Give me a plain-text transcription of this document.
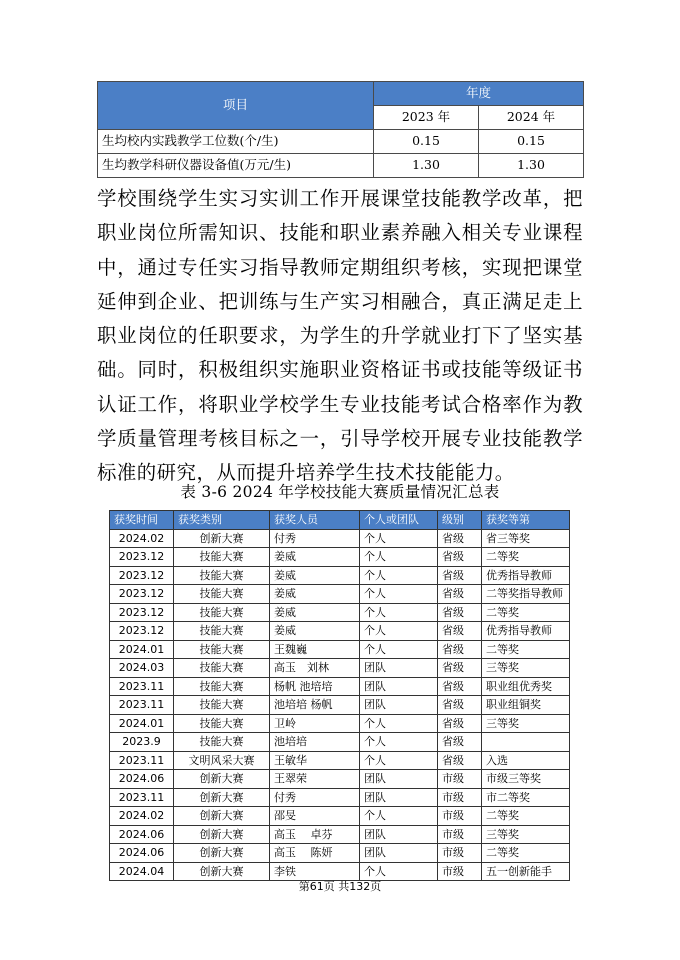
项目	年度	
	2023 年	2024 年
生均校内实践教学工位数(个/生)	0.15	0.15
生均教学科研仪器设备值(万元/生)	1.30	1.30

学校围绕学生实习实训工作开展课堂技能教学改革，把职业岗位所需知识、技能和职业素养融入相关专业课程中，通过专任实习指导教师定期组织考核，实现把课堂延伸到企业、把训练与生产实习相融合，真正满足走上职业岗位的任职要求，为学生的升学就业打下了坚实基础。同时，积极组织实施职业资格证书或技能等级证书认证工作，将职业学校学生专业技能考试合格率作为教学质量管理考核目标之一，引导学校开展专业技能教学标准的研究，从而提升培养学生技术技能能力。

表 3-6 2024 年学校技能大赛质量情况汇总表
获奖时间	获奖类别	获奖人员	个人或团队	级别	获奖等第
2024.02	创新大赛	付秀	个人	省级	省三等奖
2023.12	技能大赛	姜威	个人	省级	二等奖
2023.12	技能大赛	姜威	个人	省级	优秀指导教师
2023.12	技能大赛	姜威	个人	省级	二等奖指导教师
2023.12	技能大赛	姜威	个人	省级	二等奖
2023.12	技能大赛	姜威	个人	省级	优秀指导教师
2024.01	技能大赛	王魏巍	个人	省级	二等奖
2024.03	技能大赛	高玉　刘林	团队	省级	三等奖
2023.11	技能大赛	杨帆 池培培	团队	省级	职业组优秀奖
2023.11	技能大赛	池培培 杨帆	团队	省级	职业组铜奖
2024.01	技能大赛	卫岭	个人	省级	三等奖
2023.9	技能大赛	池培培	个人	省级	
2023.11	文明风采大赛	王敏华	个人	省级	入选
2024.06	创新大赛	王翠荣	团队	市级	市级三等奖
2023.11	创新大赛	付秀	团队	市级	市二等奖
2024.02	创新大赛	邵旻	个人	市级	二等奖
2024.06	创新大赛	高玉　 卓芬	团队	市级	三等奖
2024.06	创新大赛	高玉　 陈妍	团队	市级	二等奖
2024.04	创新大赛	李铁	个人	市级	五一创新能手
第61页 共132页
